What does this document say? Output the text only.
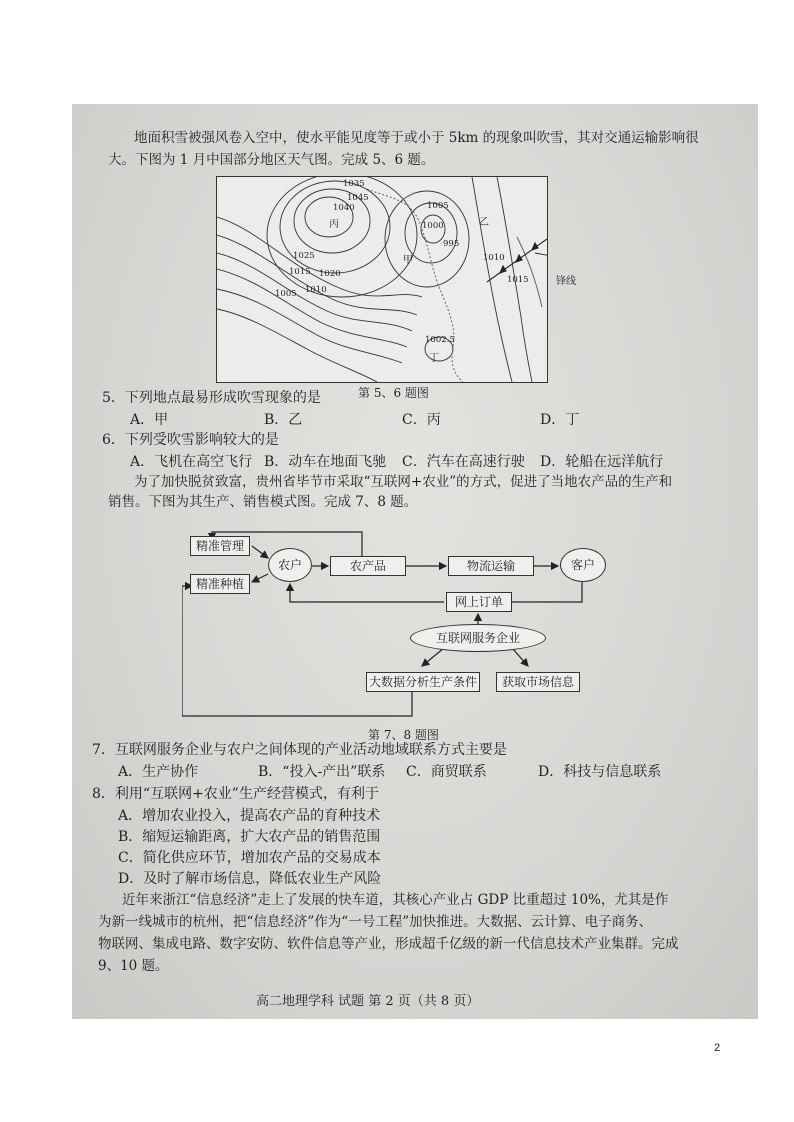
地面积雪被强风卷入空中，使水平能见度等于或小于 5km 的现象叫吹雪，其对交通运输影响很
大。下图为 1 月中国部分地区天气图。完成 5、6 题。
1035
1045
1040	1005
1000
995
1010
1015
1025
1015 1020
1010
1005
1002.5
丙
甲
乙
丁
锋线
第 5、6 题图
5．下列地点最易形成吹雪现象的是
A．甲	B．乙	C．丙	D．丁
6．下列受吹雪影响较大的是
A．飞机在高空飞行 B．动车在地面飞驰 C．汽车在高速行驶 D．轮船在远洋航行
为了加快脱贫致富，贵州省毕节市采取“互联网+农业”的方式，促进了当地农产品的生产和
销售。下图为其生产、销售模式图。完成 7、8 题。
精准管理
精准种植
农户	农产品	物流运输	客户
网上订单
互联网服务企业
大数据分析生产条件	获取市场信息
第 7、8 题图
7．互联网服务企业与农户之间体现的产业活动地域联系方式主要是
A．生产协作	B．“投入-产出”联系 C．商贸联系	D．科技与信息联系
8．利用“互联网+农业”生产经营模式，有利于
A．增加农业投入，提高农产品的育种技术
B．缩短运输距离，扩大农产品的销售范围
C．简化供应环节，增加农产品的交易成本
D．及时了解市场信息，降低农业生产风险
近年来浙江“信息经济”走上了发展的快车道，其核心产业占 GDP 比重超过 10%，尤其是作
为新一线城市的杭州，把“信息经济”作为“一号工程”加快推进。大数据、云计算、电子商务、
物联网、集成电路、数字安防、软件信息等产业，形成超千亿级的新一代信息技术产业集群。完成
9、10 题。
高二地理学科 试题 第 2 页（共 8 页）
2
